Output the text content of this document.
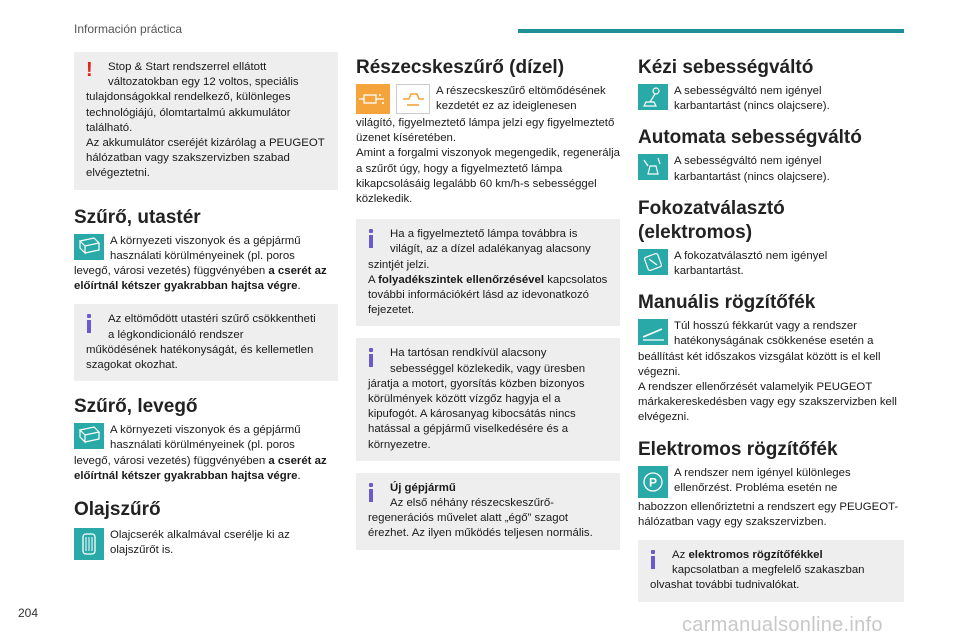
Información práctica
!	Stop & Start rendszerrel ellátott

változatokban egy 12 voltos, speciális

tulajdonságokkal rendelkező, különleges technológiájú, ólomtartalmú akkumulátor található.

Az akkumulátor cseréjét kizárólag a PEUGEOT hálózatban vagy szakszervizben szabad elvégeztetni.

Szűrő, utastér

A környezeti viszonyok és a gépjármű

használati körülményeinek (pl. poros

levegő, városi vezetés) függvényében a cserét az előírtnál kétszer gyakrabban hajtsa végre.

Az eltömődött utastéri szűrő csökkentheti

a légkondicionáló rendszer

működésének hatékonyságát, és kellemetlen szagokat okozhat.

Szűrő, levegő

A környezeti viszonyok és a gépjármű

használati körülményeinek (pl. poros

levegő, városi vezetés) függvényében a cserét az előírtnál kétszer gyakrabban hajtsa végre.

Olajszűrő

Olajcserék alkalmával cserélje ki az

olajszűrőt is.

Részecskeszűrő (dízel)

A részecskeszűrő eltömődésének

kezdetét ez az ideiglenesen

világító, figyelmeztető lámpa jelzi egy figyelmeztető üzenet kíséretében.

Amint a forgalmi viszonyok megengedik, regenerálja a szűrőt úgy, hogy a figyelmeztető lámpa kikapcsolásáig legalább 60 km/h-s sebességgel közlekedik.

Ha a figyelmeztető lámpa továbbra is

világít, az a dízel adalékanyag alacsony

szintjét jelzi.

A folyadékszintek ellenőrzésével kapcsolatos további információkért lásd az idevonatkozó fejezetet.

Ha tartósan rendkívül alacsony

sebességgel közlekedik, vagy üresben

járatja a motort, gyorsítás közben bizonyos körülmények között vízgőz hagyja el a kipufogót. A károsanyag kibocsátás nincs hatással a gépjármű viselkedésére és a környezetre.

Új gépjármű

Az első néhány részecskeszűrő-

regenerációs művelet alatt „égő” szagot érezhet. Az ilyen működés teljesen normális.

Kézi sebességváltó

A sebességváltó nem igényel

karbantartást (nincs olajcsere).

Automata sebességváltó

A sebességváltó nem igényel

karbantartást (nincs olajcsere).

Fokozatválasztó
(elektromos)

A fokozatválasztó nem igényel

karbantartást.

Manuális rögzítőfék

Túl hosszú fékkarút vagy a rendszer

hatékonyságának csökkenése esetén a

beállítást két időszakos vizsgálat között is el kell végezni.

A rendszer ellenőrzését valamelyik PEUGEOT márkakereskedésben vagy egy szakszervizben kell elvégezni.

Elektromos rögzítőfék
P

A rendszer nem igényel különleges

ellenőrzést. Probléma esetén ne

habozzon ellenőriztetni a rendszert egy PEUGEOT-hálózatban vagy egy szakszervizben.

Az elektromos rögzítőfékkel

kapcsolatban a megfelelő szakaszban

olvashat további tudnivalókat.

204
carmanualsonline.info
